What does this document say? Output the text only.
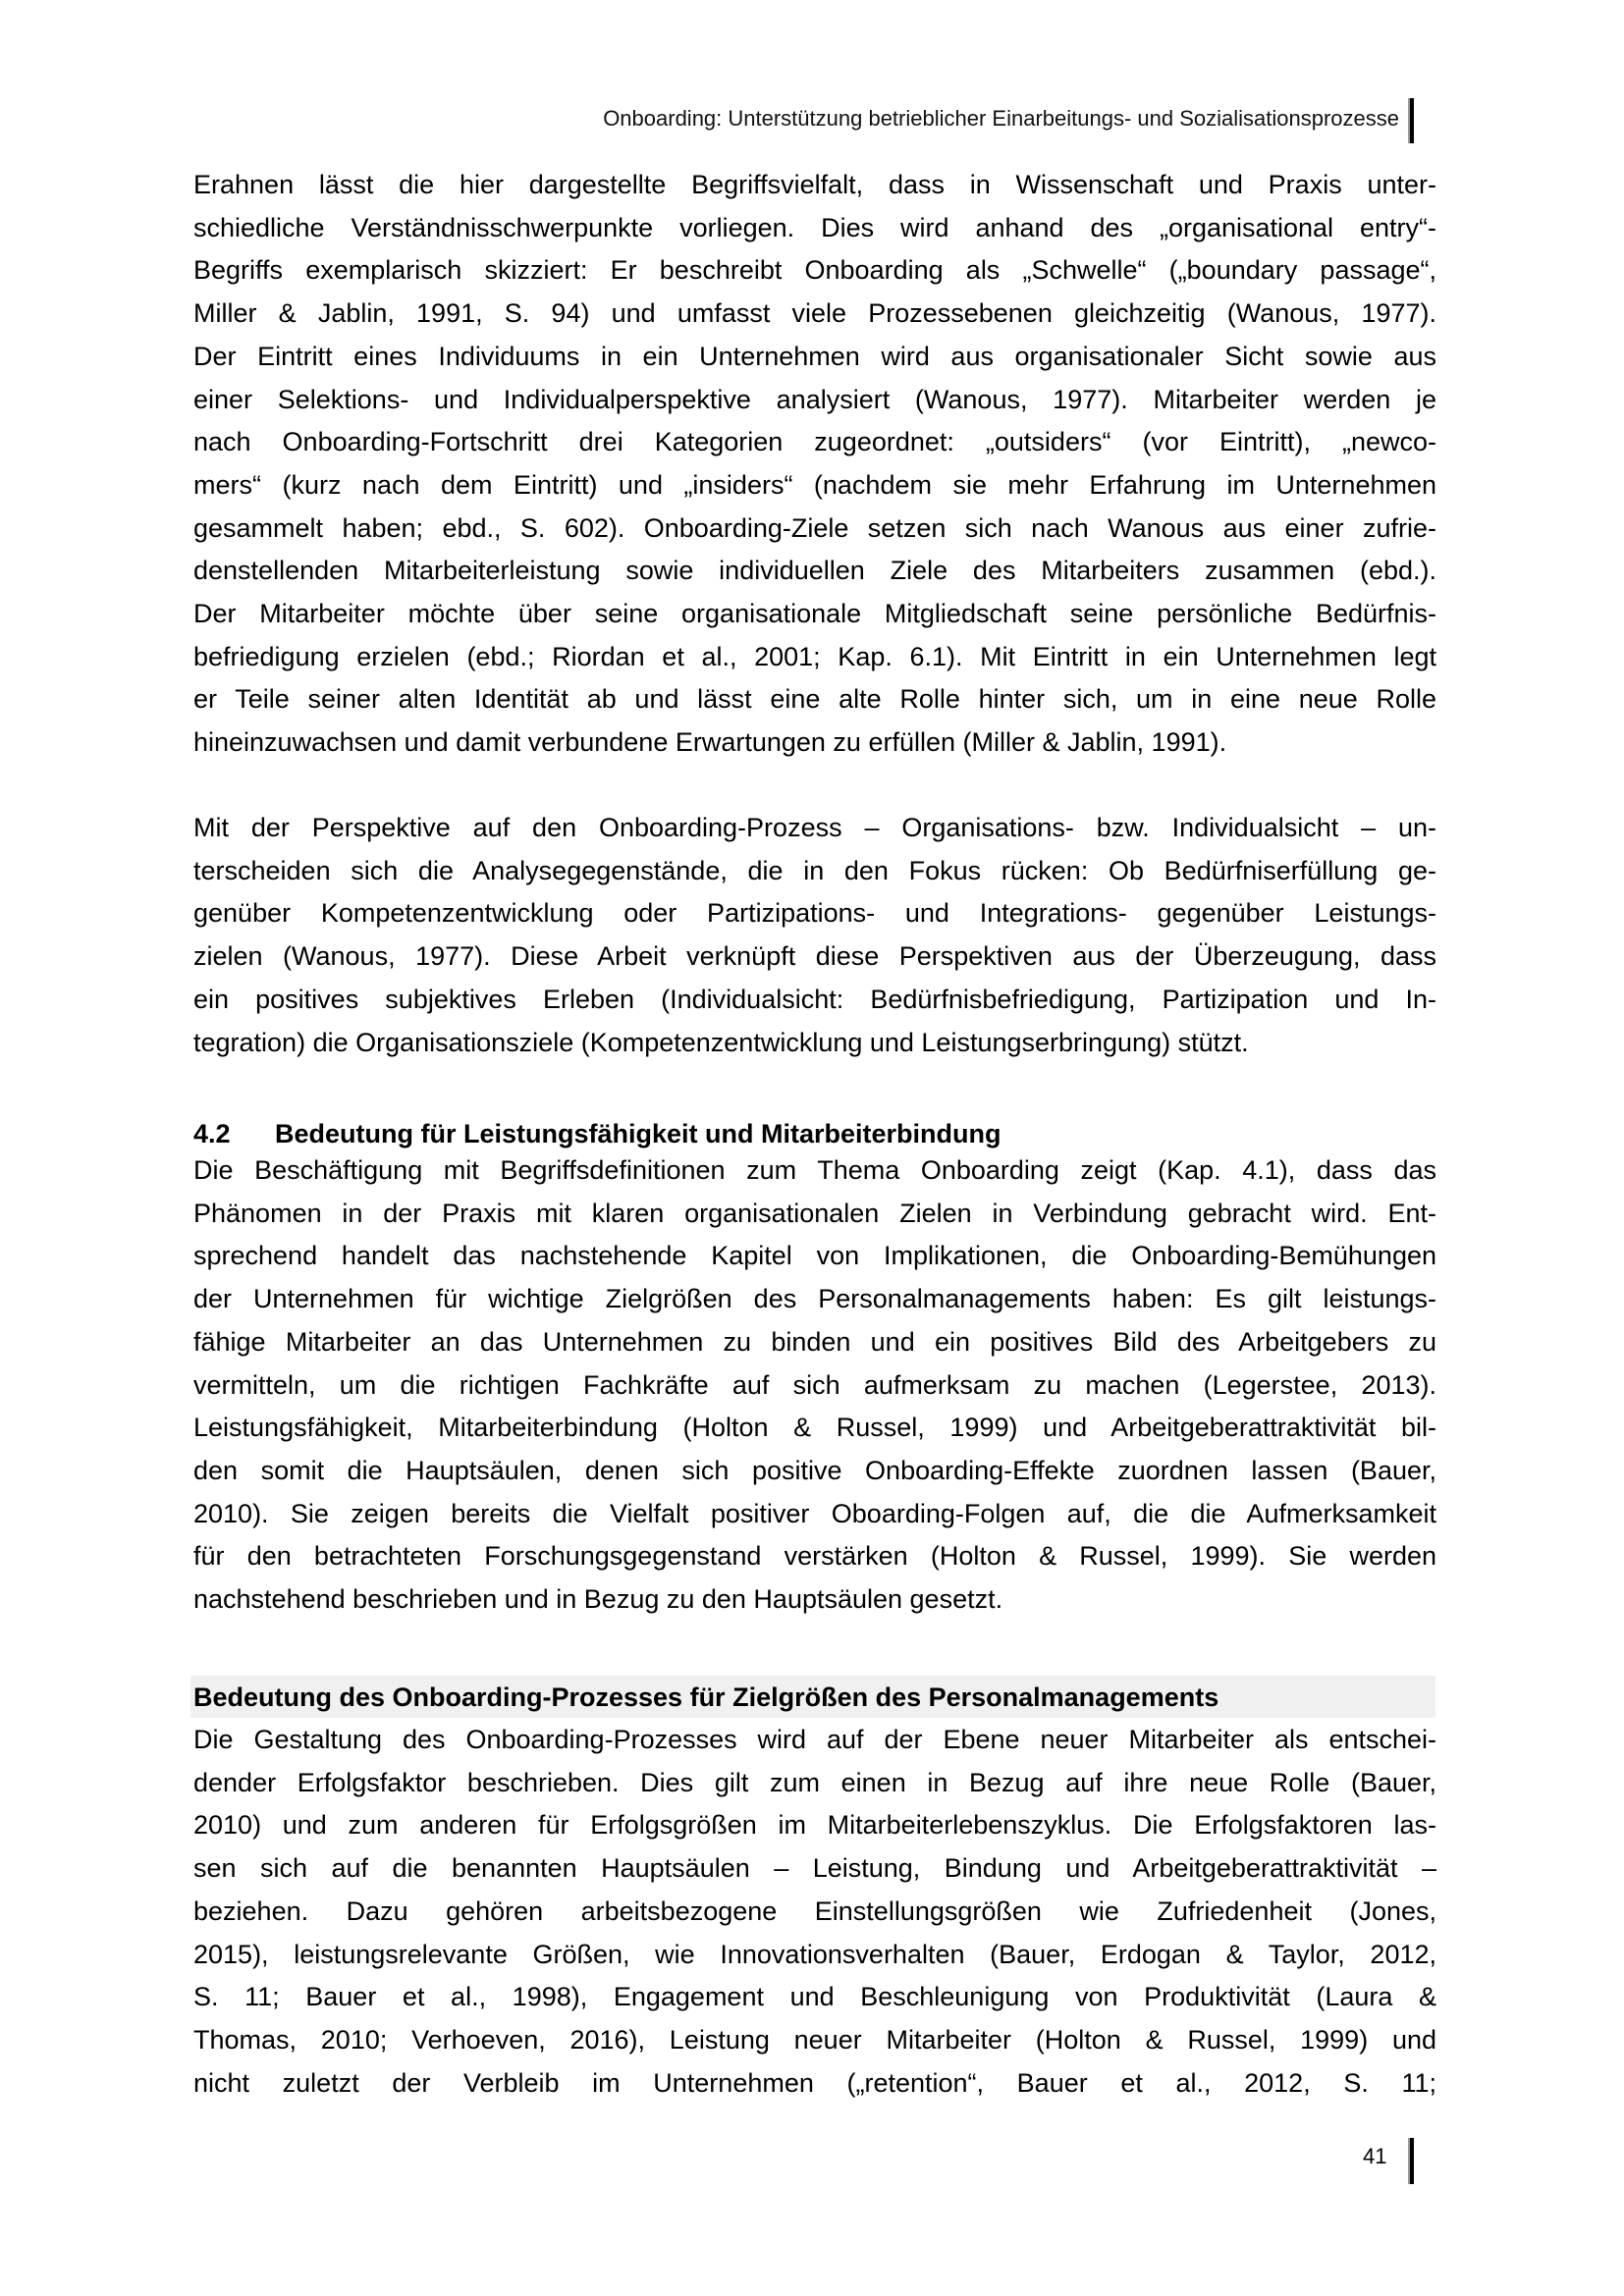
Onboarding: Unterstützung betrieblicher Einarbeitungs- und Sozialisationsprozesse
Erahnen lässt die hier dargestellte Begriffsvielfalt, dass in Wissenschaft und Praxis unter-
schiedliche Verständnisschwerpunkte vorliegen. Dies wird anhand des „organisational entry“-
Begriffs exemplarisch skizziert: Er beschreibt Onboarding als „Schwelle“ („boundary passage“,
Miller & Jablin, 1991, S. 94) und umfasst viele Prozessebenen gleichzeitig (Wanous, 1977).
Der Eintritt eines Individuums in ein Unternehmen wird aus organisationaler Sicht sowie aus
einer Selektions- und Individualperspektive analysiert (Wanous, 1977). Mitarbeiter werden je
nach Onboarding-Fortschritt drei Kategorien zugeordnet: „outsiders“ (vor Eintritt), „newco-
mers“ (kurz nach dem Eintritt) und „insiders“ (nachdem sie mehr Erfahrung im Unternehmen
gesammelt haben; ebd., S. 602). Onboarding-Ziele setzen sich nach Wanous aus einer zufrie-
denstellenden Mitarbeiterleistung sowie individuellen Ziele des Mitarbeiters zusammen (ebd.).
Der Mitarbeiter möchte über seine organisationale Mitgliedschaft seine persönliche Bedürfnis-
befriedigung erzielen (ebd.; Riordan et al., 2001; Kap. 6.1). Mit Eintritt in ein Unternehmen legt
er Teile seiner alten Identität ab und lässt eine alte Rolle hinter sich, um in eine neue Rolle
hineinzuwachsen und damit verbundene Erwartungen zu erfüllen (Miller & Jablin, 1991).
Mit der Perspektive auf den Onboarding-Prozess – Organisations- bzw. Individualsicht – un-
terscheiden sich die Analysegegenstände, die in den Fokus rücken: Ob Bedürfniserfüllung ge-
genüber Kompetenzentwicklung oder Partizipations- und Integrations- gegenüber Leistungs-
zielen (Wanous, 1977). Diese Arbeit verknüpft diese Perspektiven aus der Überzeugung, dass
ein positives subjektives Erleben (Individualsicht: Bedürfnisbefriedigung, Partizipation und In-
tegration) die Organisationsziele (Kompetenzentwicklung und Leistungserbringung) stützt.
4.2 Bedeutung für Leistungsfähigkeit und Mitarbeiterbindung
Die Beschäftigung mit Begriffsdefinitionen zum Thema Onboarding zeigt (Kap. 4.1), dass das
Phänomen in der Praxis mit klaren organisationalen Zielen in Verbindung gebracht wird. Ent-
sprechend handelt das nachstehende Kapitel von Implikationen, die Onboarding-Bemühungen
der Unternehmen für wichtige Zielgrößen des Personalmanagements haben: Es gilt leistungs-
fähige Mitarbeiter an das Unternehmen zu binden und ein positives Bild des Arbeitgebers zu
vermitteln, um die richtigen Fachkräfte auf sich aufmerksam zu machen (Legerstee, 2013).
Leistungsfähigkeit, Mitarbeiterbindung (Holton & Russel, 1999) und Arbeitgeberattraktivität bil-
den somit die Hauptsäulen, denen sich positive Onboarding-Effekte zuordnen lassen (Bauer,
2010). Sie zeigen bereits die Vielfalt positiver Oboarding-Folgen auf, die die Aufmerksamkeit
für den betrachteten Forschungsgegenstand verstärken (Holton & Russel, 1999). Sie werden
nachstehend beschrieben und in Bezug zu den Hauptsäulen gesetzt.
Bedeutung des Onboarding-Prozesses für Zielgrößen des Personalmanagements
Die Gestaltung des Onboarding-Prozesses wird auf der Ebene neuer Mitarbeiter als entschei-
dender Erfolgsfaktor beschrieben. Dies gilt zum einen in Bezug auf ihre neue Rolle (Bauer,
2010) und zum anderen für Erfolgsgrößen im Mitarbeiterlebenszyklus. Die Erfolgsfaktoren las-
sen sich auf die benannten Hauptsäulen – Leistung, Bindung und Arbeitgeberattraktivität –
beziehen. Dazu gehören arbeitsbezogene Einstellungsgrößen wie Zufriedenheit (Jones,
2015), leistungsrelevante Größen, wie Innovationsverhalten (Bauer, Erdogan & Taylor, 2012,
S. 11; Bauer et al., 1998), Engagement und Beschleunigung von Produktivität (Laura &
Thomas, 2010; Verhoeven, 2016), Leistung neuer Mitarbeiter (Holton & Russel, 1999) und
nicht zuletzt der Verbleib im Unternehmen („retention“, Bauer et al., 2012, S. 11;
41
